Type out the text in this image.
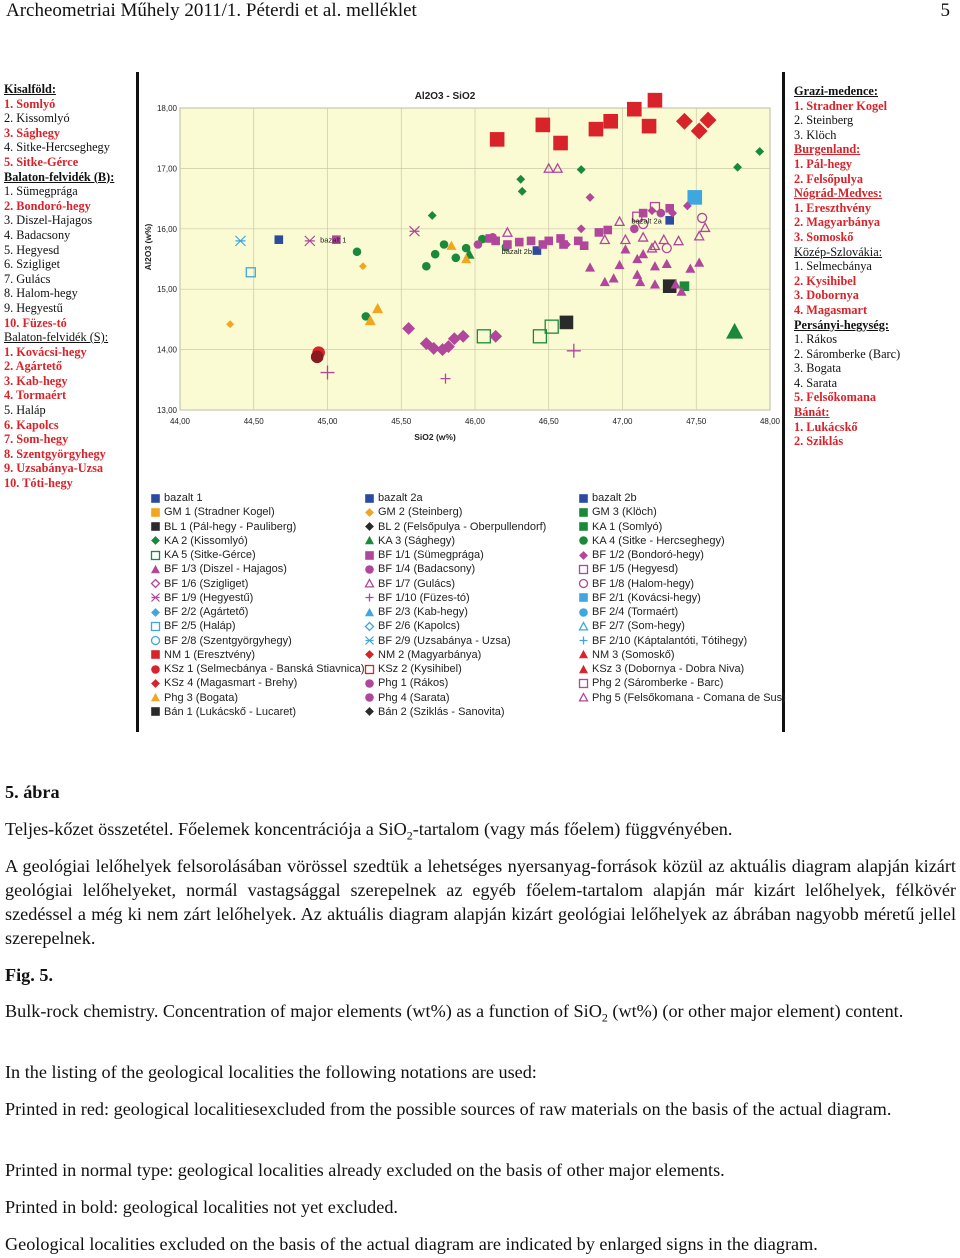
Archeometriai Műhely 2011/1. Péterdi et al. melléklet	5
Kisalföld:
1. Somlyó
2. Kissomlyó
3. Sághegy
4. Sitke-Hercseghegy
5. Sitke-Gérce
Balaton-felvidék (B):
1. Sümegprága
2. Bondoró-hegy
3. Diszel-Hajagos
4. Badacsony
5. Hegyesd
6. Szigliget
7. Gulács
8. Halom-hegy
9. Hegyestű
10. Füzes-tó
Balaton-felvidék (S):
1. Kovácsi-hegy
2. Agártető
3. Kab-hegy
4. Tormaért
5. Haláp
6. Kapolcs
7. Som-hegy
8. Szentgyörgyhegy
9. Uzsabánya-Uzsa
10. Tóti-hegy
Grazi-medence:
1. Stradner Kogel
2. Steinberg
3. Klöch
Burgenland:
1. Pál-hegy
2. Felsőpulya
Nógrád-Medves:
1. Ereszthvény
2. Magyarbánya
3. Somoskő
Közép-Szlovákia:
1. Selmecbánya
2. Kysihibel
3. Dobornya
4. Magasmart
Persányi-hegység:
1. Rákos
2. Sáromberke (Barc)
3. Bogata
4. Sarata
5. Felsőkomana
Bánát:
1. Lukácskő
2. Sziklás
44,00	44,50	45,00	45,50	46,00	46,50	47,00	47,50	48,00
13,00
14,00
15,00
16,00
17,00
18,00
Al2O3 - SiO2
SiO2 (w%)
Al2O3 (w%)	bazalt 1
bazalt 2a
bazalt 2b
bazalt 1	bazalt 2a	bazalt 2b
GM 1 (Stradner Kogel)	GM 2 (Steinberg)	GM 3 (Klöch)
BL 1 (Pál-hegy - Pauliberg)	BL 2 (Felsőpulya - Oberpullendorf)	KA 1 (Somlyó)
KA 2 (Kissomlyó)	KA 3 (Sághegy)	KA 4 (Sitke - Hercseghegy)
KA 5 (Sitke-Gérce)	BF 1/1 (Sümegprága)	BF 1/2 (Bondoró-hegy)
BF 1/3 (Diszel - Hajagos)	BF 1/4 (Badacsony)	BF 1/5 (Hegyesd)
BF 1/6 (Szigliget)	BF 1/7 (Gulács)	BF 1/8 (Halom-hegy)
BF 1/9 (Hegyestű)	BF 1/10 (Füzes-tó)	BF 2/1 (Kovácsi-hegy)
BF 2/2 (Agártető)	BF 2/3 (Kab-hegy)	BF 2/4 (Tormaért)
BF 2/5 (Haláp)	BF 2/6 (Kapolcs)	BF 2/7 (Som-hegy)
BF 2/8 (Szentgyörgyhegy)	BF 2/9 (Uzsabánya - Uzsa)	BF 2/10 (Káptalantóti, Tótihegy)
NM 1 (Eresztvény)	NM 2 (Magyarbánya)	NM 3 (Somoskő)
KSz 1 (Selmecbánya - Banská Stiavnica) KSz 2 (Kysihibel)	KSz 3 (Dobornya - Dobra Niva)
KSz 4 (Magasmart - Brehy)	Phg 1 (Rákos)	Phg 2 (Sáromberke - Barc)
Phg 3 (Bogata)	Phg 4 (Sarata)	Phg 5 (Felsőkomana - Comana de Sus)
Bán 1 (Lukácskő - Lucaret)	Bán 2 (Sziklás - Sanovita)
5. ábra
Teljes-kőzet összetétel. Főelemek koncentrációja a SiO$_2$-tartalom (vagy más főelem) függvényében.
A geológiai lelőhelyek felsorolásában vörössel szedtük a lehetséges nyersanyag-források közül az aktuális diagram alapján kizárt geológiai lelőhelyeket, normál vastagsággal szerepelnek az egyéb főelem-tartalom alapján már kizárt lelőhelyek, félkövér szedéssel a még ki nem zárt lelőhelyek. Az aktuális diagram alapján kizárt geológiai lelőhelyek az ábrában nagyobb méretű jellel szerepelnek.
Fig. 5.
Bulk-rock chemistry. Concentration of major elements (wt%) as a function of SiO$_2$ (wt%) (or other major element) content.
In the listing of the geological localities the following notations are used:
Printed in red: geological localitiesexcluded from the possible sources of raw materials on the basis of the actual diagram.
Printed in normal type: geological localities already excluded on the basis of other major elements.
Printed in bold: geological localities not yet excluded.
Geological localities excluded on the basis of the actual diagram are indicated by enlarged signs in the diagram.
